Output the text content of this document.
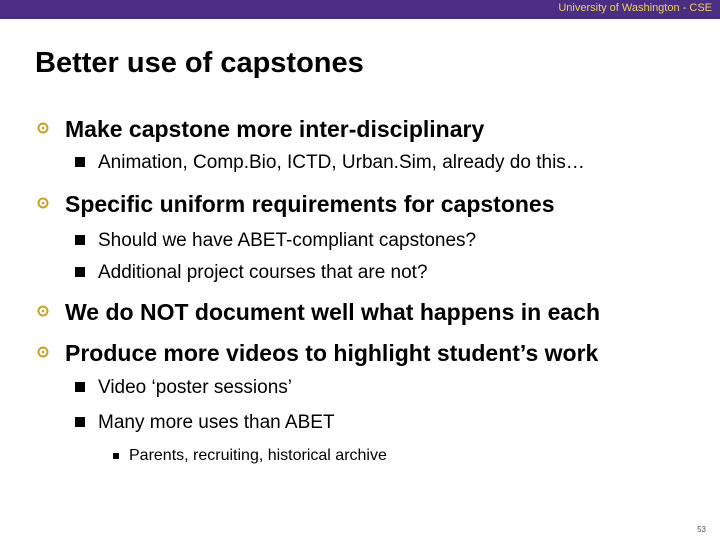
University of Washington - CSE
Better use of capstones
Make capstone more inter-disciplinary
Animation, Comp.Bio, ICTD, Urban.Sim, already do this…
Specific uniform requirements for capstones
Should we have ABET-compliant capstones?
Additional project courses that are not?
We do NOT document well what happens in each
Produce more videos to highlight student’s work
Video ‘poster sessions’
Many more uses than ABET
Parents, recruiting, historical archive
53
